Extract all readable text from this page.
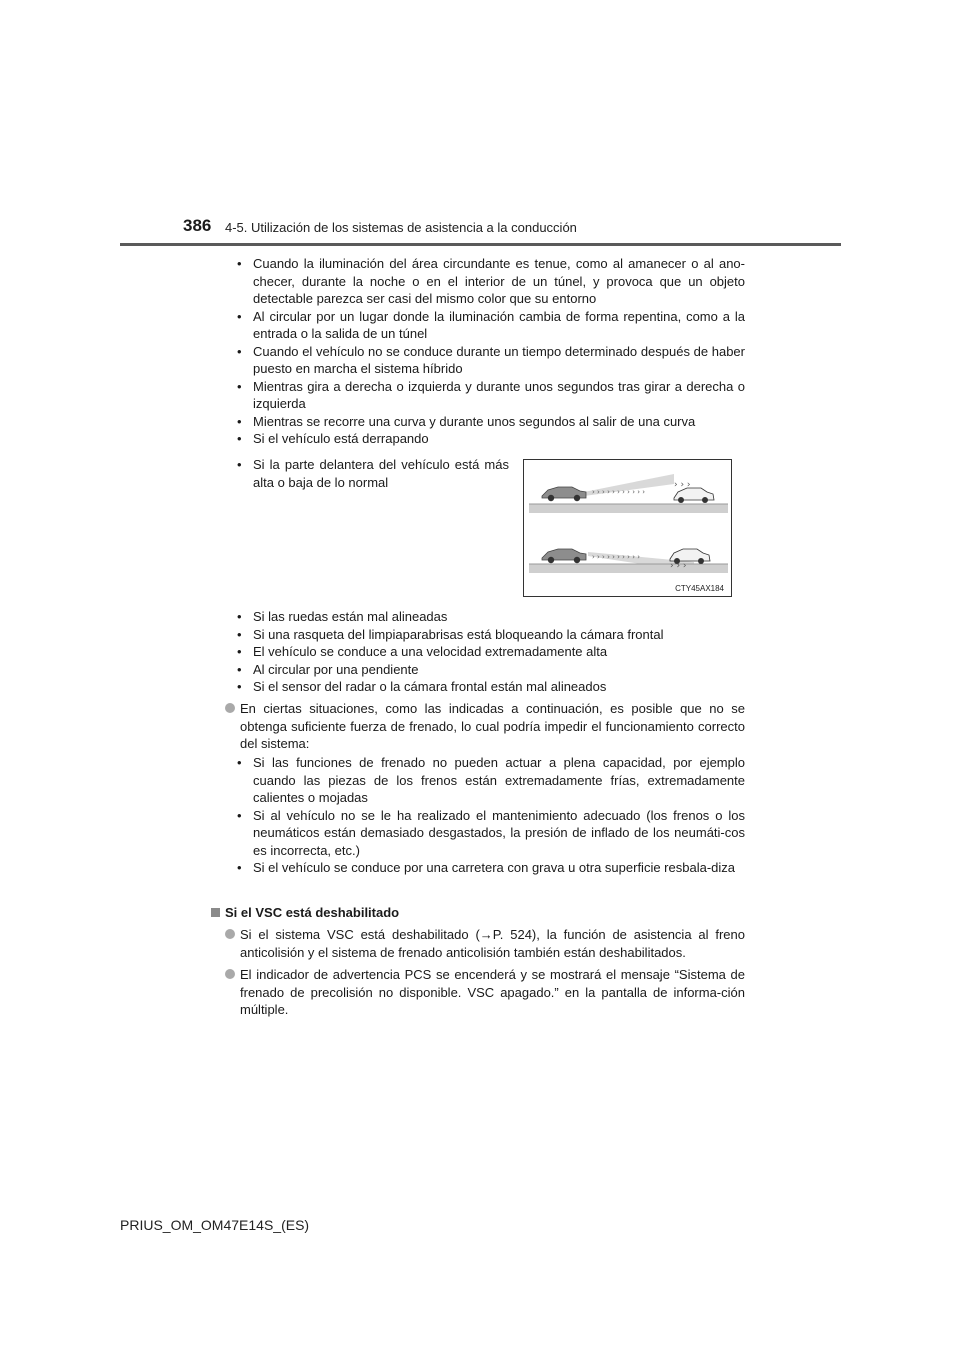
386 4-5. Utilización de los sistemas de asistencia a la conducción
• Cuando la iluminación del área circundante es tenue, como al amanecer o al ano-checer, durante la noche o en el interior de un túnel, y provoca que un objeto detectable parezca ser casi del mismo color que su entorno
• Al circular por un lugar donde la iluminación cambia de forma repentina, como a la entrada o la salida de un túnel
• Cuando el vehículo no se conduce durante un tiempo determinado después de haber puesto en marcha el sistema híbrido
• Mientras gira a derecha o izquierda y durante unos segundos tras girar a derecha o izquierda
• Mientras se recorre una curva y durante unos segundos al salir de una curva
• Si el vehículo está derrapando
• Si la parte delantera del vehículo está más alta o baja de lo normal
› › › › › › › › › › ›
› › ›
› › › › › › › › › ›
› › ›
CTY45AX184
• Si las ruedas están mal alineadas
• Si una rasqueta del limpiaparabrisas está bloqueando la cámara frontal
• El vehículo se conduce a una velocidad extremadamente alta
• Al circular por una pendiente
• Si el sensor del radar o la cámara frontal están mal alineados
En ciertas situaciones, como las indicadas a continuación, es posible que no se obtenga suficiente fuerza de frenado, lo cual podría impedir el funcionamiento correcto del sistema:
• Si las funciones de frenado no pueden actuar a plena capacidad, por ejemplo cuando las piezas de los frenos están extremadamente frías, extremadamente calientes o mojadas
• Si al vehículo no se le ha realizado el mantenimiento adecuado (los frenos o los neumáticos están demasiado desgastados, la presión de inflado de los neumáti-cos es incorrecta, etc.)
• Si el vehículo se conduce por una carretera con grava u otra superficie resbala-diza
Si el VSC está deshabilitado
Si el sistema VSC está deshabilitado (→P. 524), la función de asistencia al freno anticolisión y el sistema de frenado anticolisión también están deshabilitados.
El indicador de advertencia PCS se encenderá y se mostrará el mensaje “Sistema de frenado de precolisión no disponible. VSC apagado.” en la pantalla de informa-ción múltiple.
PRIUS_OM_OM47E14S_(ES)
